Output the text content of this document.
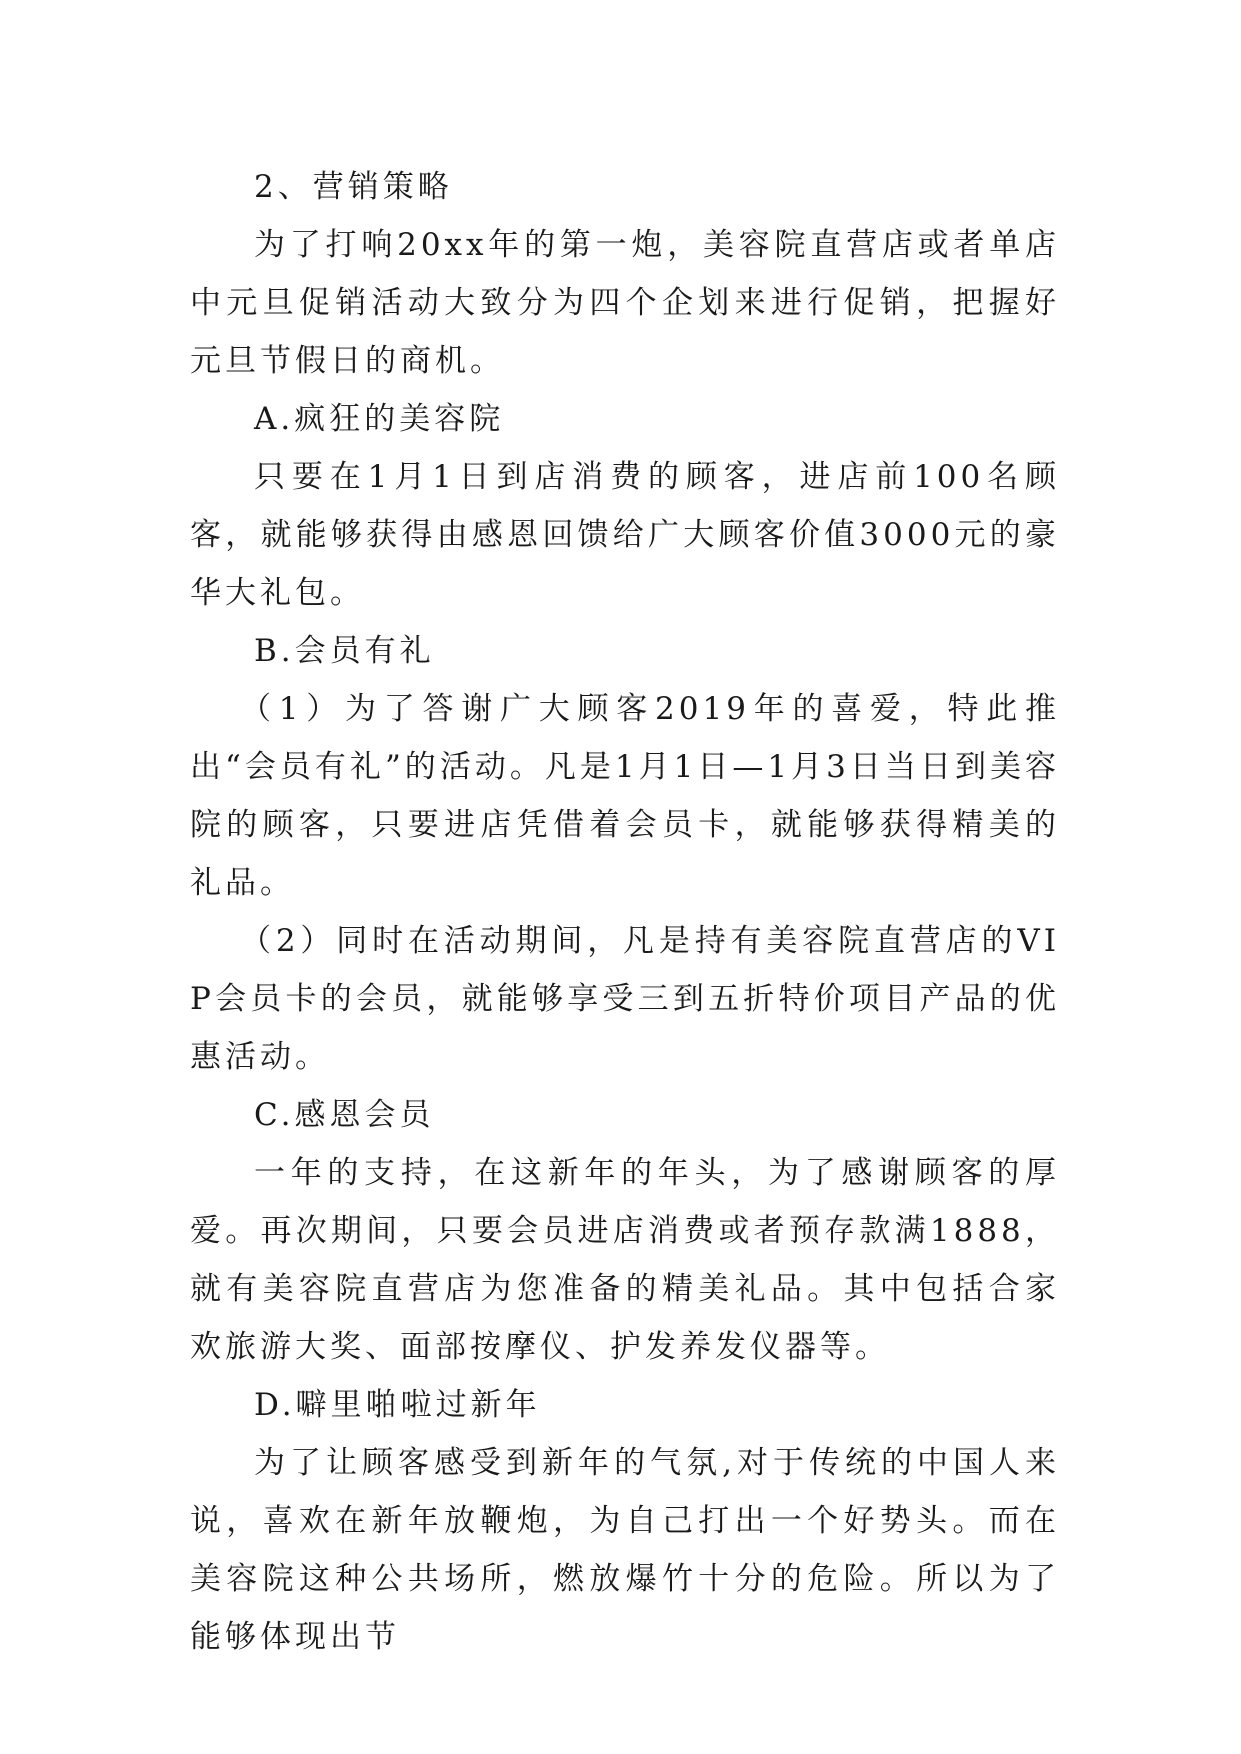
2、营销策略

为了打响20xx年的第一炮，美容院直营店或者单店中元旦促销活动大致分为四个企划来进行促销，把握好元旦节假日的商机。

A.疯狂的美容院

只要在1月1日到店消费的顾客，进店前100名顾客，就能够获得由感恩回馈给广大顾客价值3000元的豪华大礼包。

B.会员有礼

（1）为了答谢广大顾客2019年的喜爱，特此推出“会员有礼”的活动。凡是1月1日—1月3日当日到美容院的顾客，只要进店凭借着会员卡，就能够获得精美的礼品。

（2）同时在活动期间，凡是持有美容院直营店的VIP会员卡的会员，就能够享受三到五折特价项目产品的优惠活动。

C.感恩会员

一年的支持，在这新年的年头，为了感谢顾客的厚爱。再次期间，只要会员进店消费或者预存款满1888，就有美容院直营店为您准备的精美礼品。其中包括合家欢旅游大奖、面部按摩仪、护发养发仪器等。

D.噼里啪啦过新年

为了让顾客感受到新年的气氛,对于传统的中国人来说，喜欢在新年放鞭炮，为自己打出一个好势头。而在美容院这种公共场所，燃放爆竹十分的危险。所以为了能够体现出节
